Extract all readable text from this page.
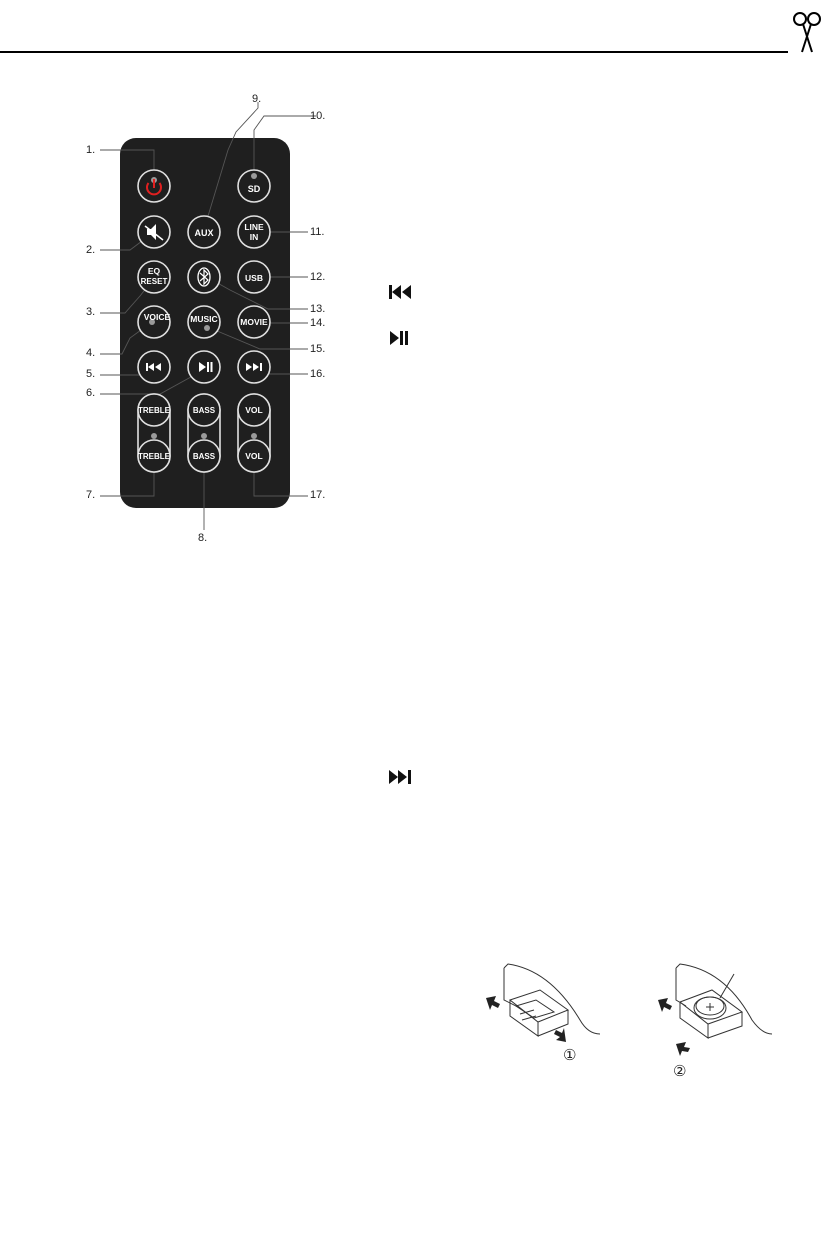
SD
AUX
LINE
IN
EQ
RESET	USB
VOICE MUSIC	MOVIE
TREBLE
TREBLE
BASS
BASS
VOL
VOL
1.
2.
3.
4.
5.
6.
7.
8.
9.
10.
11.
12.
13.
14.
15.
16.
17.
①
②
